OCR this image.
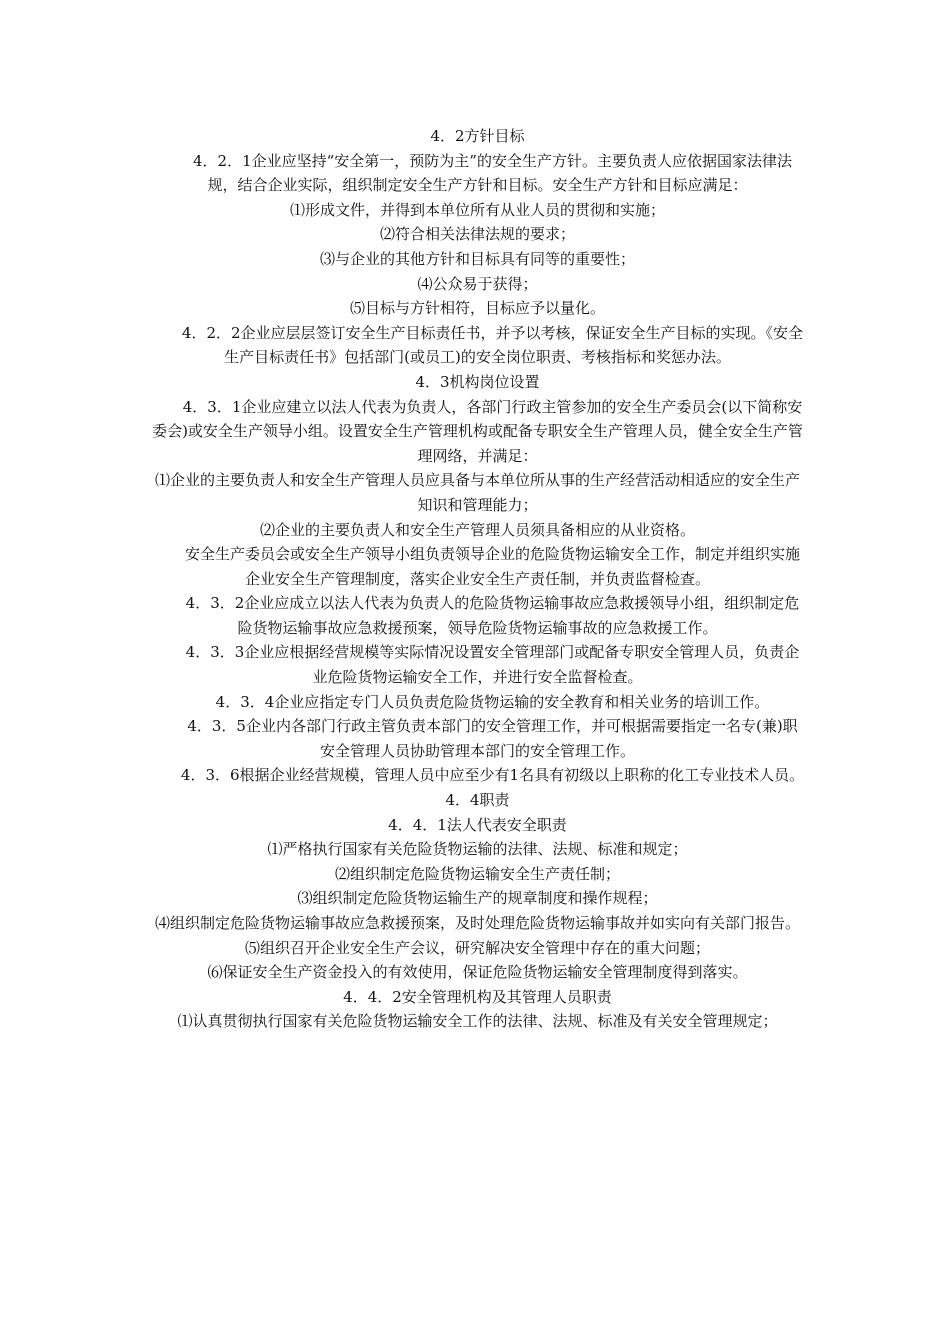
4．2方针目标

4．2．1企业应坚持“安全第一，预防为主”的安全生产方针。主要负责人应依据国家法律法规，结合企业实际，组织制定安全生产方针和目标。安全生产方针和目标应满足：

⑴形成文件，并得到本单位所有从业人员的贯彻和实施；

⑵符合相关法律法规的要求；

⑶与企业的其他方针和目标具有同等的重要性；

⑷公众易于获得；

⑸目标与方针相符，目标应予以量化。

4．2．2企业应层层签订安全生产目标责任书，并予以考核，保证安全生产目标的实现。《安全生产目标责任书》包括部门(或员工)的安全岗位职责、考核指标和奖惩办法。

4．3机构岗位设置

4．3．1企业应建立以法人代表为负责人，各部门行政主管参加的安全生产委员会(以下简称安委会)或安全生产领导小组。设置安全生产管理机构或配备专职安全生产管理人员，健全安全生产管理网络，并满足：

⑴企业的主要负责人和安全生产管理人员应具备与本单位所从事的生产经营活动相适应的安全生产知识和管理能力；

⑵企业的主要负责人和安全生产管理人员须具备相应的从业资格。

安全生产委员会或安全生产领导小组负责领导企业的危险货物运输安全工作，制定并组织实施企业安全生产管理制度，落实企业安全生产责任制，并负责监督检查。

4．3．2企业应成立以法人代表为负责人的危险货物运输事故应急救援领导小组，组织制定危险货物运输事故应急救援预案，领导危险货物运输事故的应急救援工作。

4．3．3企业应根据经营规模等实际情况设置安全管理部门或配备专职安全管理人员，负责企业危险货物运输安全工作，并进行安全监督检查。

4．3．4企业应指定专门人员负责危险货物运输的安全教育和相关业务的培训工作。

4．3．5企业内各部门行政主管负责本部门的安全管理工作，并可根据需要指定一名专(兼)职安全管理人员协助管理本部门的安全管理工作。

4．3．6根据企业经营规模，管理人员中应至少有1名具有初级以上职称的化工专业技术人员。

4．4职责

4．4．1法人代表安全职责

⑴严格执行国家有关危险货物运输的法律、法规、标准和规定；

⑵组织制定危险货物运输安全生产责任制；

⑶组织制定危险货物运输生产的规章制度和操作规程；

⑷组织制定危险货物运输事故应急救援预案，及时处理危险货物运输事故并如实向有关部门报告。

⑸组织召开企业安全生产会议，研究解决安全管理中存在的重大问题；

⑹保证安全生产资金投入的有效使用，保证危险货物运输安全管理制度得到落实。

4．4．2安全管理机构及其管理人员职责

⑴认真贯彻执行国家有关危险货物运输安全工作的法律、法规、标准及有关安全管理规定；
